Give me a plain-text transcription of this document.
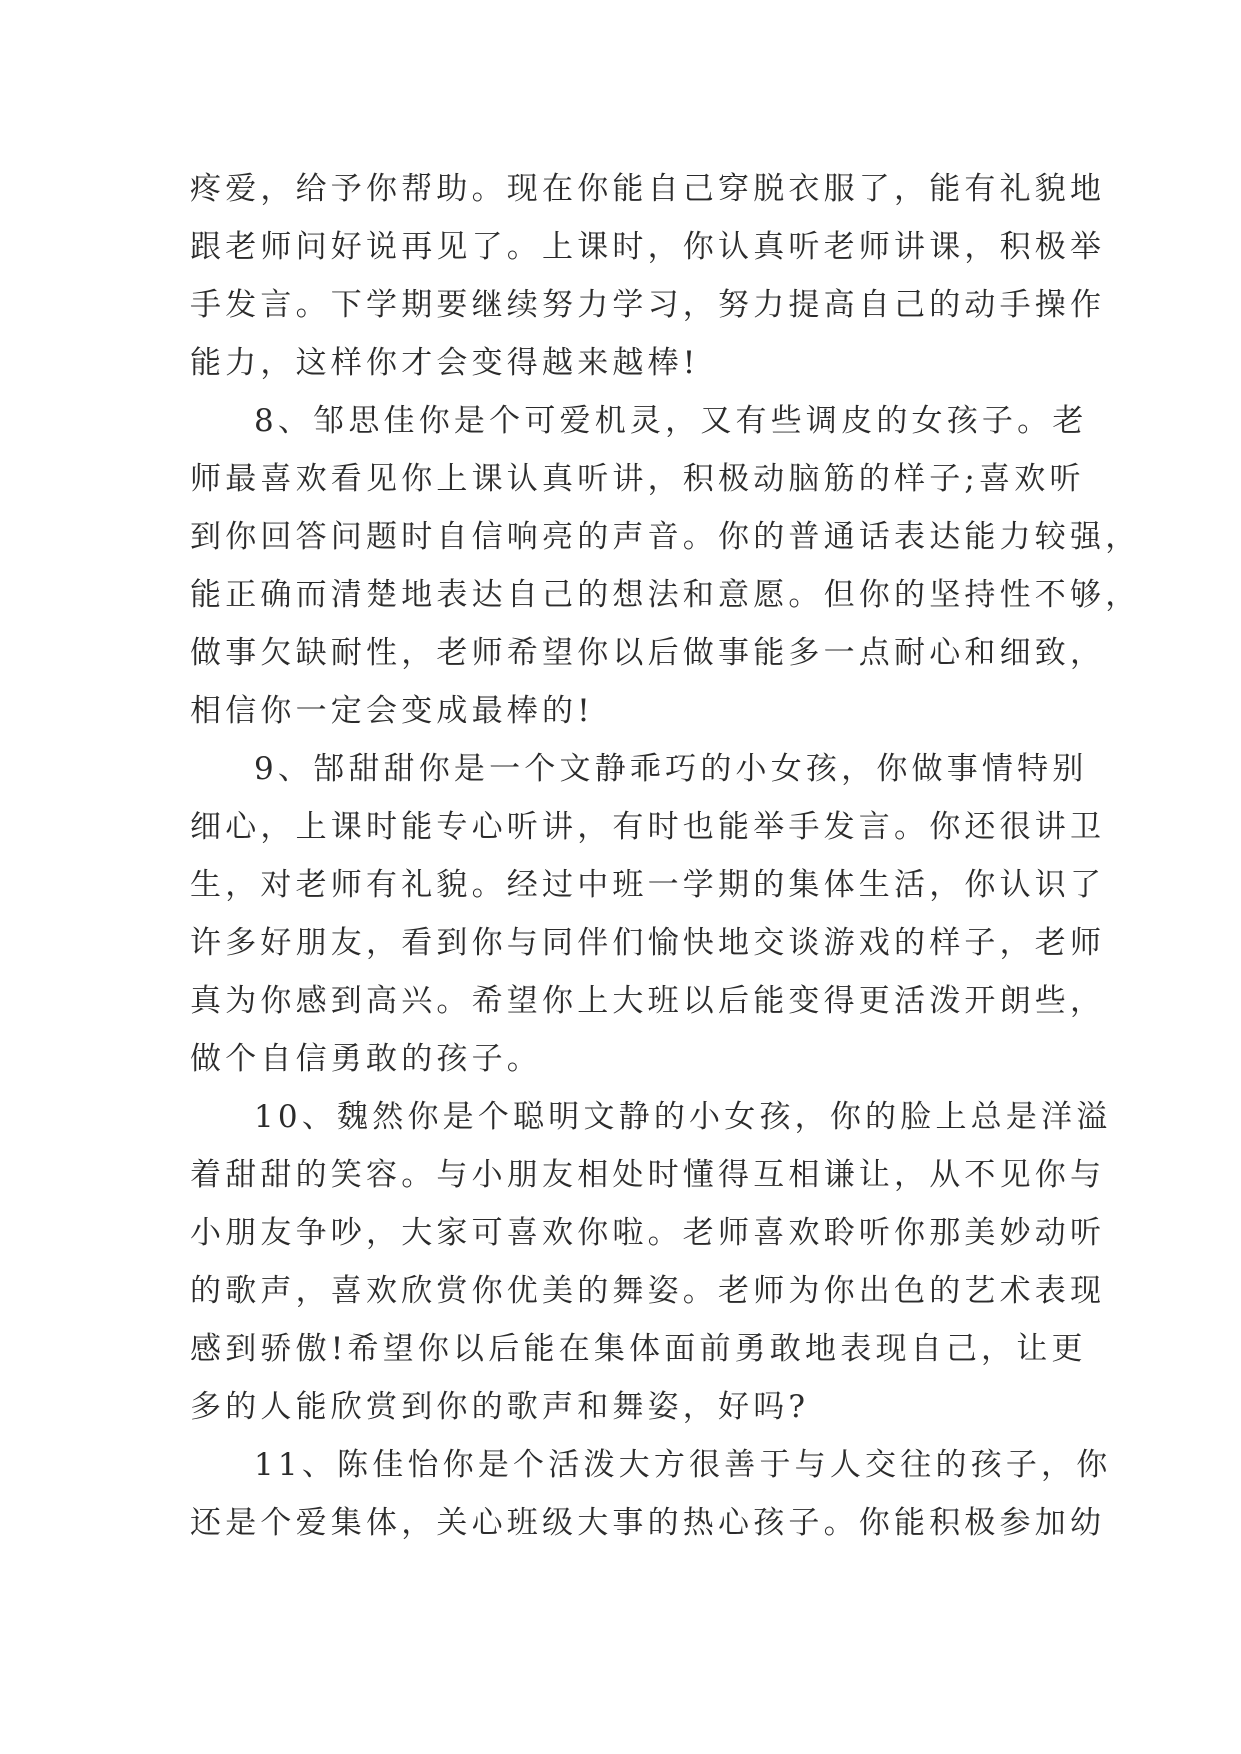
疼爱，给予你帮助。现在你能自己穿脱衣服了，能有礼貌地
跟老师问好说再见了。上课时，你认真听老师讲课，积极举
手发言。下学期要继续努力学习，努力提高自己的动手操作
能力，这样你才会变得越来越棒!
8、邹思佳你是个可爱机灵，又有些调皮的女孩子。老
师最喜欢看见你上课认真听讲，积极动脑筋的样子;喜欢听
到你回答问题时自信响亮的声音。你的普通话表达能力较强，
能正确而清楚地表达自己的想法和意愿。但你的坚持性不够，
做事欠缺耐性，老师希望你以后做事能多一点耐心和细致，
相信你一定会变成最棒的!
9、郜甜甜你是一个文静乖巧的小女孩，你做事情特别
细心，上课时能专心听讲，有时也能举手发言。你还很讲卫
生，对老师有礼貌。经过中班一学期的集体生活，你认识了
许多好朋友，看到你与同伴们愉快地交谈游戏的样子，老师
真为你感到高兴。希望你上大班以后能变得更活泼开朗些，
做个自信勇敢的孩子。
10、魏然你是个聪明文静的小女孩，你的脸上总是洋溢
着甜甜的笑容。与小朋友相处时懂得互相谦让，从不见你与
小朋友争吵，大家可喜欢你啦。老师喜欢聆听你那美妙动听
的歌声，喜欢欣赏你优美的舞姿。老师为你出色的艺术表现
感到骄傲!希望你以后能在集体面前勇敢地表现自己，让更
多的人能欣赏到你的歌声和舞姿，好吗?
11、陈佳怡你是个活泼大方很善于与人交往的孩子，你
还是个爱集体，关心班级大事的热心孩子。你能积极参加幼
